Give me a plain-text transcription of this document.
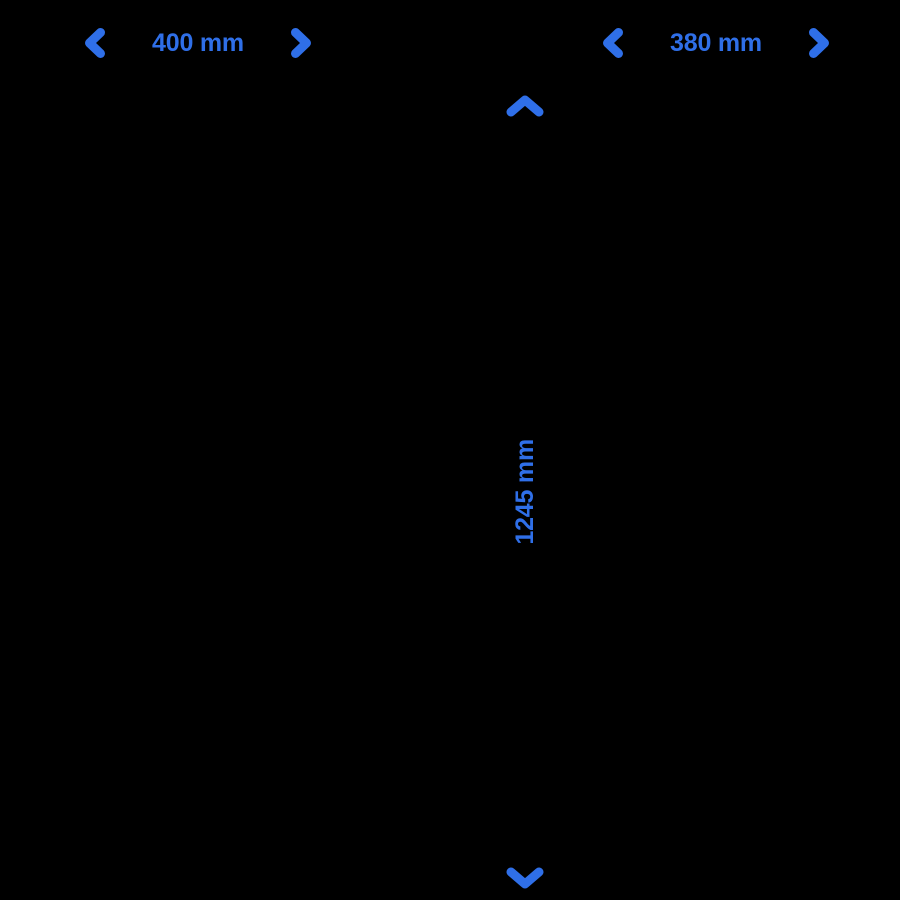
400 mm	380 mm
1245 mm
